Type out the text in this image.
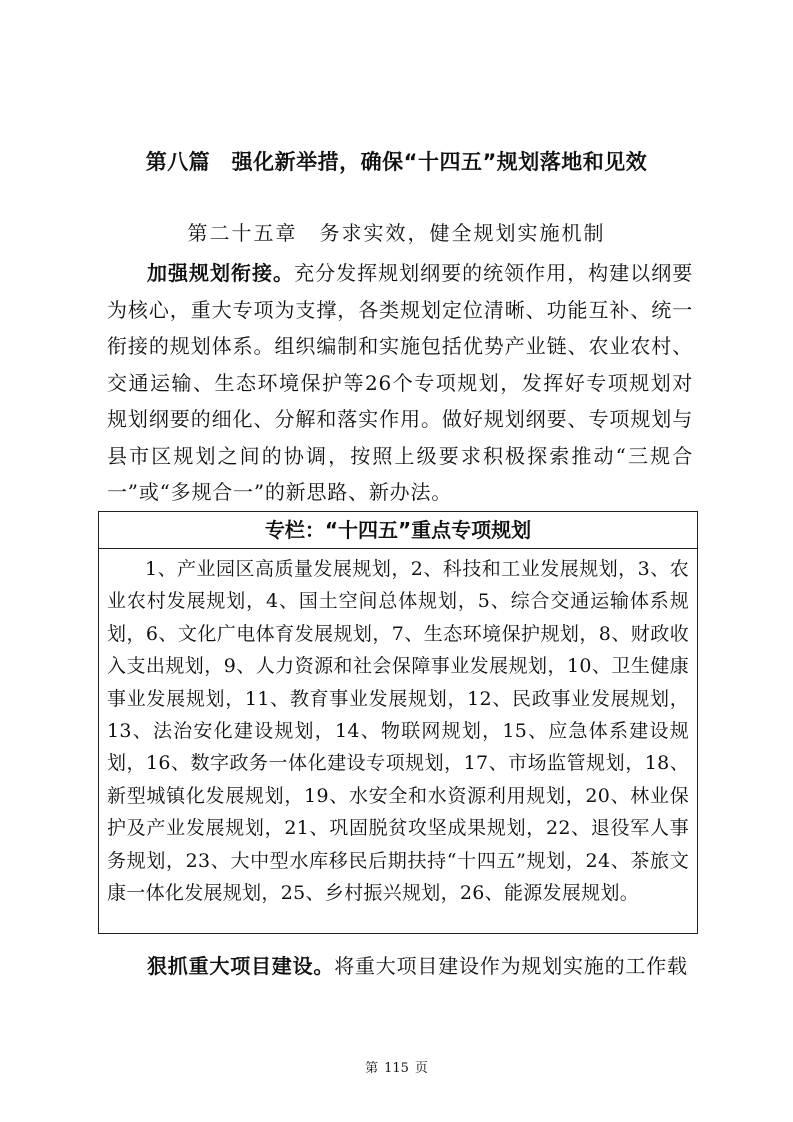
第八篇　强化新举措，确保“十四五”规划落地和见效
第二十五章　务求实效，健全规划实施机制

加强规划衔接。充分发挥规划纲要的统领作用，构建以纲要为核心，重大专项为支撑，各类规划定位清晰、功能互补、统一衔接的规划体系。组织编制和实施包括优势产业链、农业农村、交通运输、生态环境保护等26个专项规划，发挥好专项规划对规划纲要的细化、分解和落实作用。做好规划纲要、专项规划与县市区规划之间的协调，按照上级要求积极探索推动“三规合一”或“多规合一”的新思路、新办法。

专栏：“十四五”重点专项规划
1、产业园区高质量发展规划，2、科技和工业发展规划，3、农业农村发展规划，4、国土空间总体规划，5、综合交通运输体系规划，6、文化广电体育发展规划，7、生态环境保护规划，8、财政收入支出规划，9、人力资源和社会保障事业发展规划，10、卫生健康事业发展规划，11、教育事业发展规划，12、民政事业发展规划，13、法治安化建设规划，14、物联网规划，15、应急体系建设规划，16、数字政务一体化建设专项规划，17、市场监管规划，18、新型城镇化发展规划，19、水安全和水资源利用规划，20、林业保护及产业发展规划，21、巩固脱贫攻坚成果规划，22、退役军人事务规划，23、大中型水库移民后期扶持“十四五”规划，24、茶旅文康一体化发展规划，25、乡村振兴规划，26、能源发展规划。

狠抓重大项目建设。将重大项目建设作为规划实施的工作载

第 115 页
